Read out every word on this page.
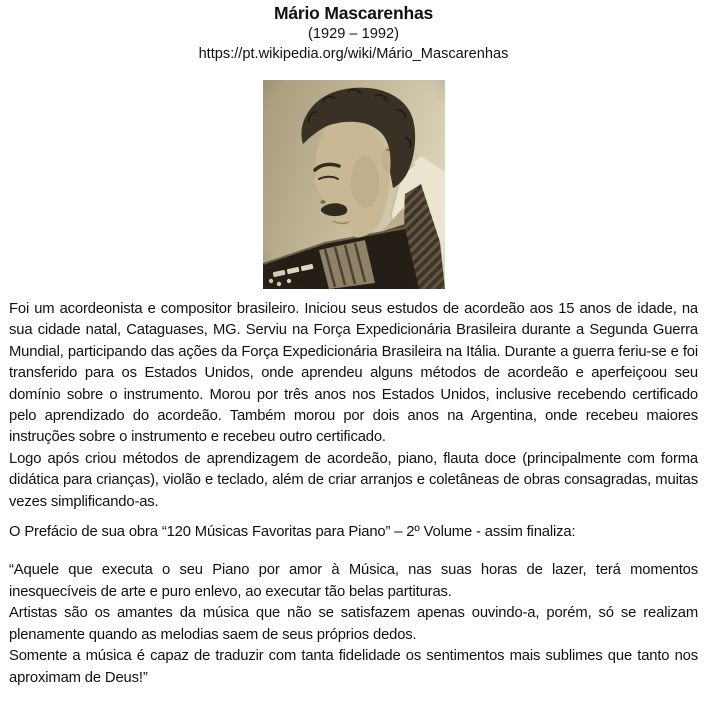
Mário Mascarenhas
(1929 – 1992)
https://pt.wikipedia.org/wiki/Mário_Mascarenhas

Foi um acordeonista e compositor brasileiro. Iniciou seus estudos de acordeão aos 15 anos de idade, na sua cidade natal, Cataguases, MG. Serviu na Força Expedicionária Brasileira durante a Segunda Guerra Mundial, participando das ações da Força Expedicionária Brasileira na Itália. Durante a guerra feriu-se e foi transferido para os Estados Unidos, onde aprendeu alguns métodos de acordeão e aperfeiçoou seu domínio sobre o instrumento. Morou por três anos nos Estados Unidos, inclusive recebendo certificado pelo aprendizado do acordeão. Também morou por dois anos na Argentina, onde recebeu maiores instruções sobre o instrumento e recebeu outro certificado.

Logo após criou métodos de aprendizagem de acordeão, piano, flauta doce (principalmente com forma didática para crianças), violão e teclado, além de criar arranjos e coletâneas de obras consagradas, muitas vezes simplificando-as.

O Prefácio de sua obra “120 Músicas Favoritas para Piano” – 2º Volume - assim finaliza:

“Aquele que executa o seu Piano por amor à Música, nas suas horas de lazer, terá momentos inesquecíveis de arte e puro enlevo, ao executar tão belas partituras.

Artistas são os amantes da música que não se satisfazem apenas ouvindo-a, porém, só se realizam plenamente quando as melodias saem de seus próprios dedos.

Somente a música é capaz de traduzir com tanta fidelidade os sentimentos mais sublimes que tanto nos aproximam de Deus!”
